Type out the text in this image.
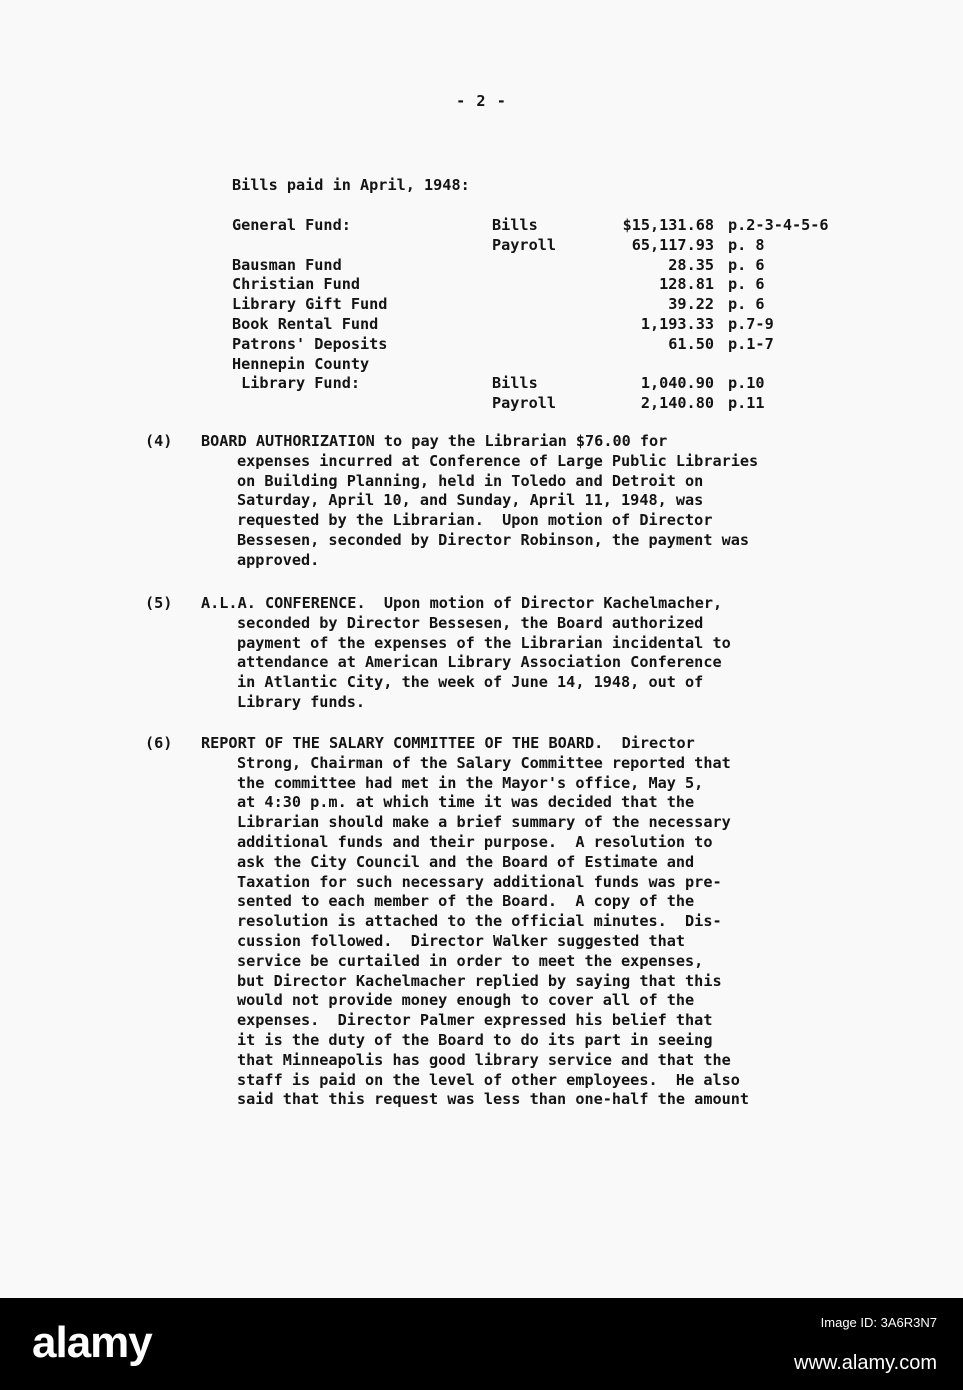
- 2 -
Bills paid in April, 1948:
General Fund:	Bills	$15,131.68	p.2-3-4-5-6
	Payroll	65,117.93	p. 8
Bausman Fund		28.35	p. 6
Christian Fund		128.81	p. 6
Library Gift Fund		39.22	p. 6
Book Rental Fund		1,193.33	p.7-9
Patrons' Deposits		61.50	p.1-7
Hennepin County			
Library Fund:	Bills	1,040.90	p.10
	Payroll	2,140.80	p.11
(4) BOARD AUTHORIZATION to pay the Librarian $76.00 for
expenses incurred at Conference of Large Public Libraries
on Building Planning, held in Toledo and Detroit on
Saturday, April 10, and Sunday, April 11, 1948, was
requested by the Librarian.  Upon motion of Director
Bessesen, seconded by Director Robinson, the payment was
approved.

(5) A.L.A. CONFERENCE.  Upon motion of Director Kachelmacher,
seconded by Director Bessesen, the Board authorized
payment of the expenses of the Librarian incidental to
attendance at American Library Association Conference
in Atlantic City, the week of June 14, 1948, out of
Library funds.

(6) REPORT OF THE SALARY COMMITTEE OF THE BOARD.  Director
Strong, Chairman of the Salary Committee reported that
the committee had met in the Mayor's office, May 5,
at 4:30 p.m. at which time it was decided that the
Librarian should make a brief summary of the necessary
additional funds and their purpose.  A resolution to
ask the City Council and the Board of Estimate and
Taxation for such necessary additional funds was pre-
sented to each member of the Board.  A copy of the
resolution is attached to the official minutes.  Dis-
cussion followed.  Director Walker suggested that
service be curtailed in order to meet the expenses,
but Director Kachelmacher replied by saying that this
would not provide money enough to cover all of the
expenses.  Director Palmer expressed his belief that
it is the duty of the Board to do its part in seeing
that Minneapolis has good library service and that the
staff is paid on the level of other employees.  He also
said that this request was less than one-half the amount

alamy	Image ID: 3A6R3N7
www.alamy.com
